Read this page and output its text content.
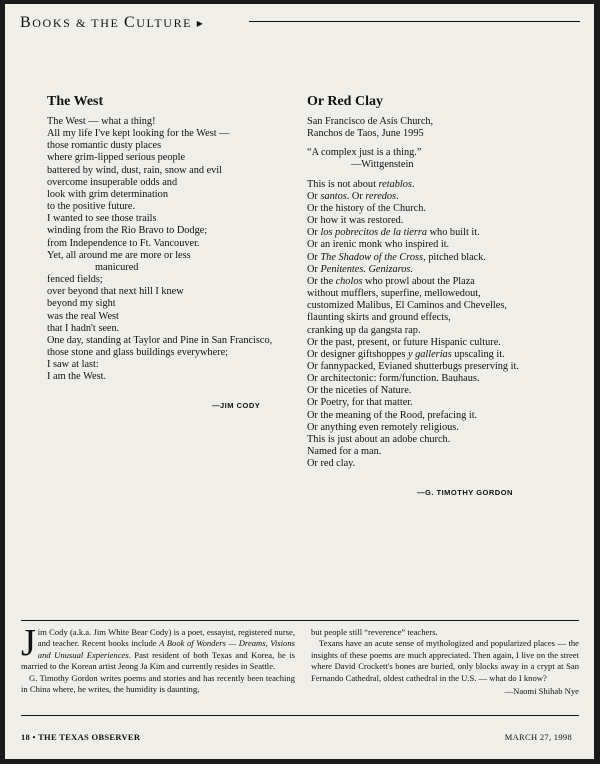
BOOKS & THE CULTURE ▸
The West
The West — what a thing!
All my life I've kept looking for the West —
those romantic dusty places
where grim-lipped serious people
battered by wind, dust, rain, snow and evil
overcome insuperable odds and
look with grim determination
to the positive future.
I wanted to see those trails
winding from the Rio Bravo to Dodge;
from Independence to Ft. Vancouver.
Yet, all around me are more or less
manicured
fenced fields;
over beyond that next hill I knew
beyond my sight
was the real West
that I hadn't seen.
One day, standing at Taylor and Pine in San Francisco,
those stone and glass buildings everywhere;
I saw at last:
I am the West.
—JIM CODY
Or Red Clay
San Francisco de Asís Church,
Ranchos de Taos, June 1995
“A complex just is a thing.”
—Wittgenstein
This is not about retablos.
Or santos. Or reredos.
Or the history of the Church.
Or how it was restored.
Or los pobrecitos de la tierra who built it.
Or an irenic monk who inspired it.
Or The Shadow of the Cross, pitched black.
Or Penitentes. Genizaros.
Or the cholos who prowl about the Plaza
without mufflers, superfine, mellowedout,
customized Malibus, El Caminos and Chevelles,
flaunting skirts and ground effects,
cranking up da gangsta rap.
Or the past, present, or future Hispanic culture.
Or designer giftshoppes y gallerias upscaling it.
Or fannypacked, Evianed shutterbugs preserving it.
Or architectonic: form/function. Bauhaus.
Or the niceties of Nature.
Or Poetry, for that matter.
Or the meaning of the Rood, prefacing it.
Or anything even remotely religious.
This is just about an adobe church.
Named for a man.
Or red clay.
—G. TIMOTHY GORDON
Jim Cody (a.k.a. Jim White Bear Cody) is a poet, essayist, registered nurse, and teacher. Recent books include A Book of Wonders — Dreams, Visions and Unusual Experiences. Past resident of both Texas and Korea, he is married to the Korean artist Jeong Ja Kim and currently resides in Seattle.
G. Timothy Gordon writes poems and stories and has recently been teaching in China where, he writes, the humidity is daunting,
but people still “reverence” teachers.
Texans have an acute sense of mythologized and popularized places — the insights of these poems are much appreciated. Then again, I live on the street where David Crockett's bones are buried, only blocks away in a crypt at San Fernando Cathedral, oldest cathedral in the U.S. — what do I know?
—Naomi Shihab Nye
18 • THE TEXAS OBSERVER	MARCH 27, 1998
